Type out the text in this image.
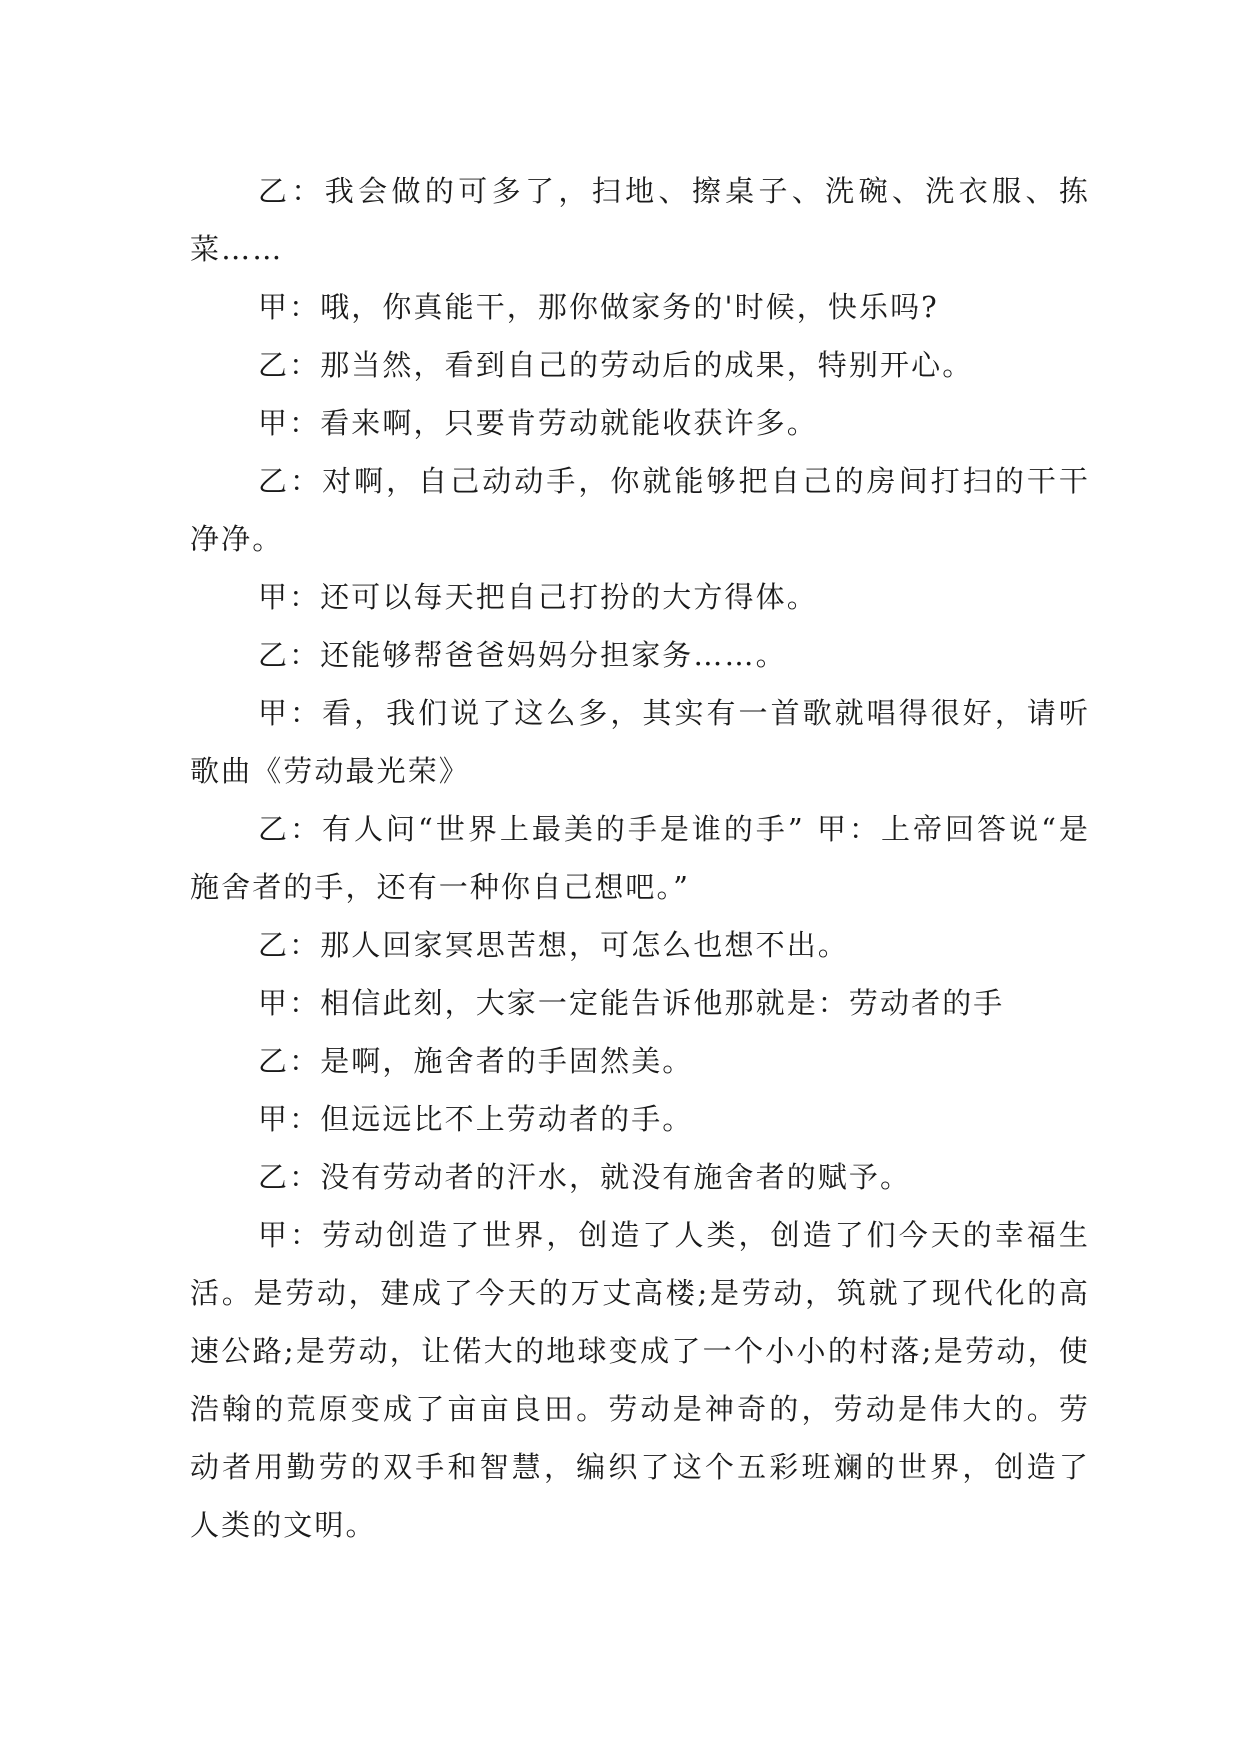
乙：我会做的可多了，扫地、擦桌子、洗碗、洗衣服、拣菜……

甲：哦，你真能干，那你做家务的'时候，快乐吗?

乙：那当然，看到自己的劳动后的成果，特别开心。

甲：看来啊，只要肯劳动就能收获许多。

乙：对啊，自己动动手，你就能够把自己的房间打扫的干干净净。

甲：还可以每天把自己打扮的大方得体。

乙：还能够帮爸爸妈妈分担家务……。

甲：看，我们说了这么多，其实有一首歌就唱得很好，请听歌曲《劳动最光荣》

乙：有人问“世界上最美的手是谁的手” 甲：上帝回答说“是施舍者的手，还有一种你自己想吧。”

乙：那人回家冥思苦想，可怎么也想不出。

甲：相信此刻，大家一定能告诉他那就是：劳动者的手

乙：是啊，施舍者的手固然美。

甲：但远远比不上劳动者的手。

乙：没有劳动者的汗水，就没有施舍者的赋予。

甲：劳动创造了世界，创造了人类，创造了们今天的幸福生活。是劳动，建成了今天的万丈高楼;是劳动，筑就了现代化的高速公路;是劳动，让偌大的地球变成了一个小小的村落;是劳动，使浩翰的荒原变成了亩亩良田。劳动是神奇的，劳动是伟大的。劳动者用勤劳的双手和智慧，编织了这个五彩班斓的世界，创造了人类的文明。
